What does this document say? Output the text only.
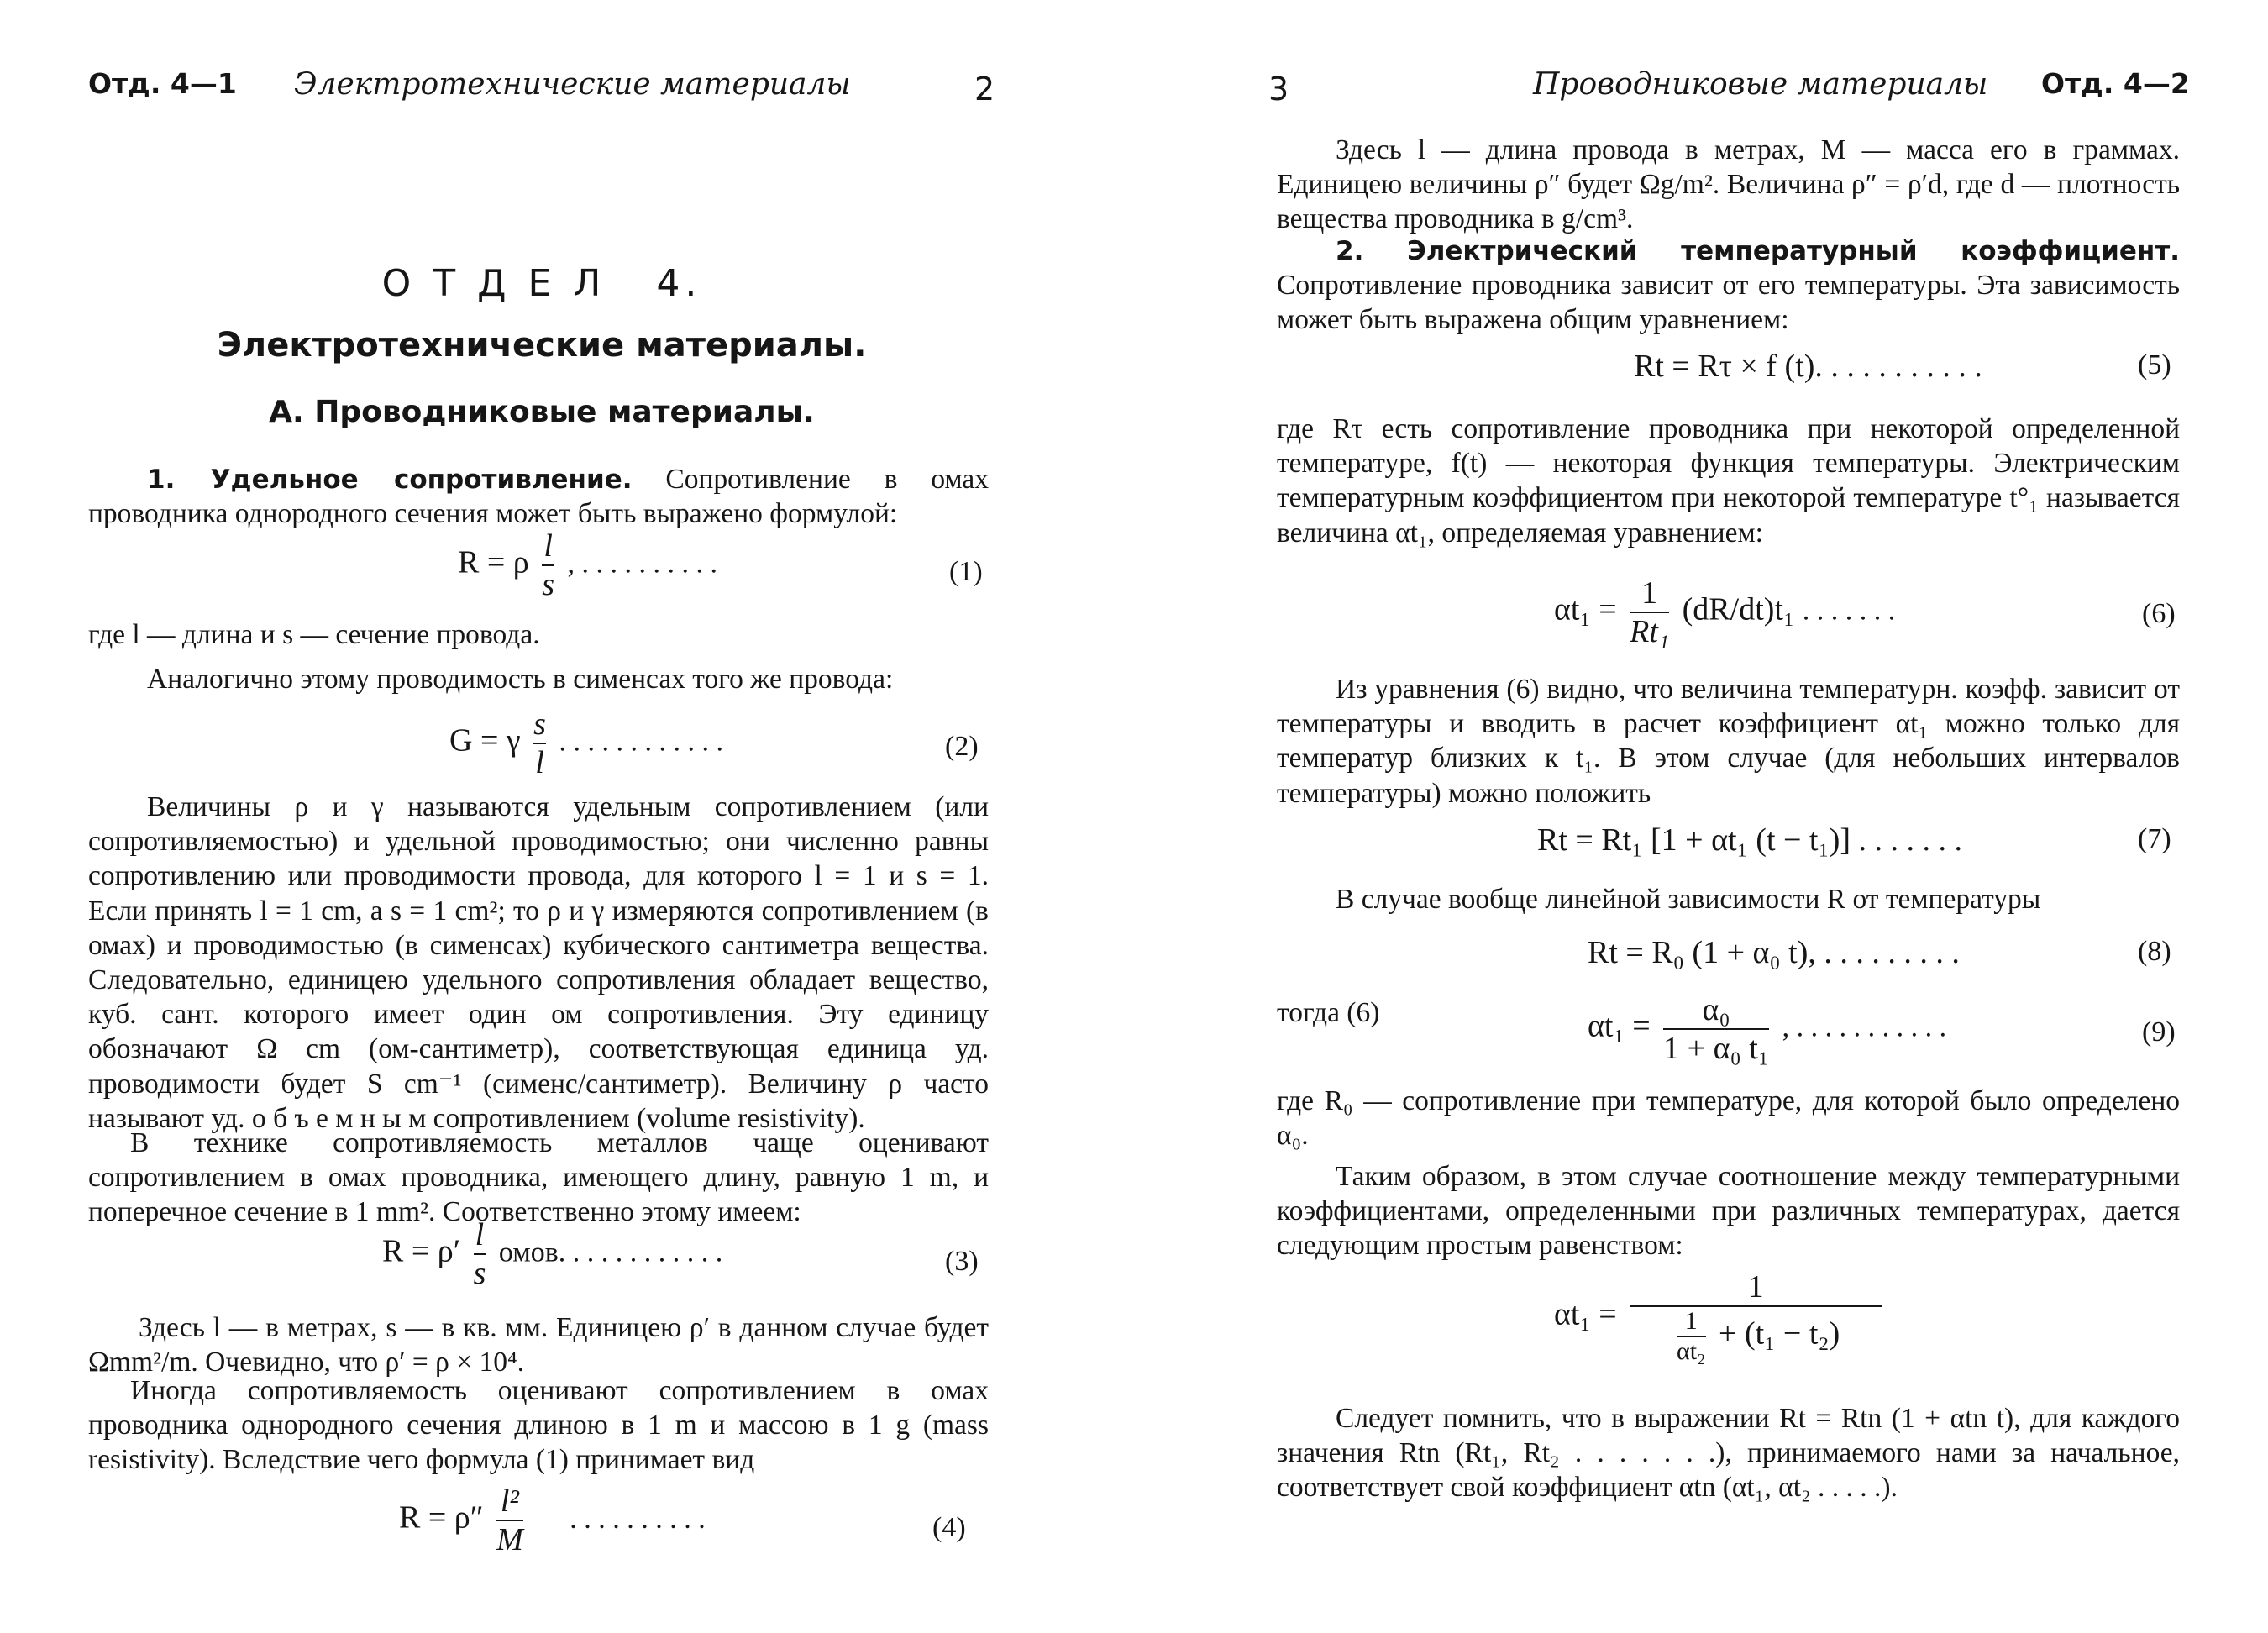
Отд. 4—1 Электротехнические материалы	2
О Т Д Е Л   4.
Электротехнические материалы.
А. Проводниковые материалы.
1. Удельное сопротивление. Сопротивление в омах проводника однородного сечения может быть выражено формулой:
R = ρ $\frac{l}{s}$ , . . . . . . . . . .	(1)
где l — длина и s — сечение провода.
Аналогично этому проводимость в сименсах того же провода:
G = γ $\frac{s}{l}$ . . . . . . . . . . . .	(2)
Величины ρ и γ называются удельным сопротивлением (или сопротивляемостью) и удельной проводимостью; они численно равны сопротивлению или проводимости провода, для которого l = 1 и s = 1. Если принять l = 1 cm, а s = 1 cm²; то ρ и γ измеряются сопротивлением (в омах) и проводимостью (в сименсах) кубического сантиметра вещества. Следовательно, единицею удельного сопротивления обладает вещество, куб. сант. которого имеет один ом сопротивления. Эту единицу обозначают Ω cm (ом-сантиметр), соответствующая единица уд. проводимости будет S cm⁻¹ (сименс/сантиметр). Величину ρ часто называют уд. о б ъ е м н ы м сопротивлением (volume resistivity).
В технике сопротивляемость металлов чаще оценивают сопротивлением в омах проводника, имеющего длину, равную 1 m, и поперечное сечение в 1 mm². Соответственно этому имеем:
$R = \rho' \frac{l}{s}$ омов. . . . . . . . . . . .	(3)
Здесь l — в метрах, s — в кв. мм. Единицею ρ′ в данном случае будет Ωmm²/m. Очевидно, что ρ′ = ρ × 10⁴.
Иногда сопротивляемость оценивают сопротивлением в омах проводника однородного сечения длиною в 1 m и массою в 1 g (mass resistivity). Вследствие чего формула (1) принимает вид
$R = \rho'' \frac{\text{l²}}{M}$ . . . . . . . . . .	(4)
3	Проводниковые материалы Отд. 4—2
Здесь l — длина провода в метрах, M — масса его в граммах. Единицею величины ρ″ будет Ωg/m². Величина ρ″ = ρ′d, где d — плотность вещества проводника в g/cm³.
2. Электрический температурный коэффициент. Сопротивление проводника зависит от его температуры. Эта зависимость может быть выражена общим уравнением:
Rt = Rτ × f (t). . . . . . . . . . .	(5)
где Rτ есть сопротивление проводника при некоторой определенной температуре, f(t) — некоторая функция температуры. Электрическим температурным коэффициентом при некоторой температуре t°₁ называется величина αt₁, определяемая уравнением:
$\alpha t_1 = \frac{1}{\text{Rt₁}} (dR/dt)t_1$ . . . . . . .	(6)
Из уравнения (6) видно, что величина температурн. коэфф. зависит от температуры и вводить в расчет коэффициент αt₁ можно только для температур близких к t₁. В этом случае (для небольших интервалов температуры) можно положить
Rt = Rt₁ [1 + αt₁ (t − t₁)] . . . . . . .	(7)
В случае вообще линейной зависимости R от температуры
Rt = R₀ (1 + α₀ t), . . . . . . . . .	(8)
тогда (6)	$\alpha t_1 = \frac{\text{α₀}}{\text{1 + α₀ t₁}}$ , . . . . . . . . . . .	(9)
где R₀ — сопротивление при температуре, для которой было определено α₀.
Таким образом, в этом случае соотношение между температурными коэффициентами, определенными при различных температурах, дается следующим простым равенством:
$\alpha t_1 = \frac{1}{\frac{1}{\text{αt₂}} + (t_1 - t_2)}$
Следует помнить, что в выражении Rt = Rtn (1 + αtn t), для каждого значения Rtn (Rt₁, Rt₂ . . . . . . .), принимаемого нами за начальное, соответствует свой коэффициент αtn (αt₁, αt₂ . . . . .).
